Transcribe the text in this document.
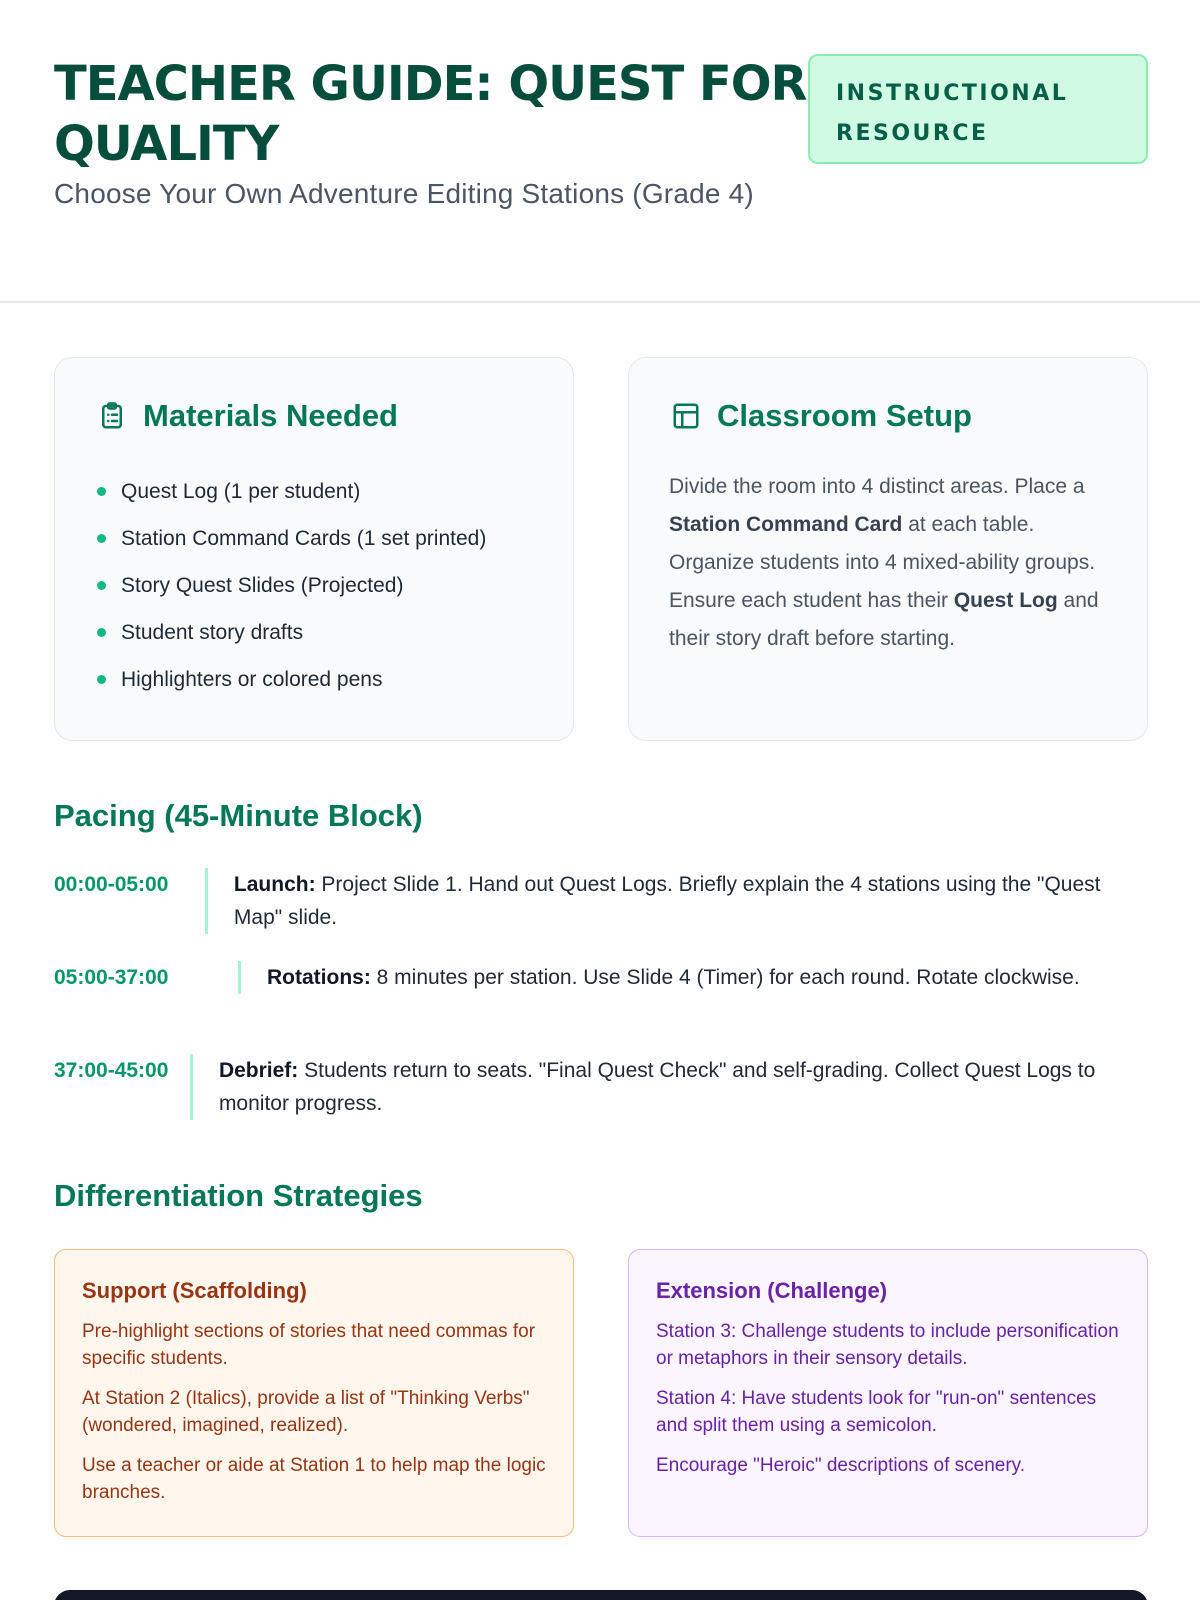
TEACHER GUIDE: QUEST FOR QUALITY
INSTRUCTIONAL RESOURCE
Choose Your Own Adventure Editing Stations (Grade 4)
Materials Needed
Quest Log (1 per student)
Station Command Cards (1 set printed)
Story Quest Slides (Projected)
Student story drafts
Highlighters or colored pens
Classroom Setup

Divide the room into 4 distinct areas. Place a Station Command Card at each table. Organize students into 4 mixed-ability groups. Ensure each student has their Quest Log and their story draft before starting.

Pacing (45-Minute Block)
00:00-05:00	Launch: Project Slide 1. Hand out Quest Logs. Briefly explain the 4 stations using the "Quest Map" slide.
05:00-37:00	Rotations: 8 minutes per station. Use Slide 4 (Timer) for each round. Rotate clockwise.
37:00-45:00	Debrief: Students return to seats. "Final Quest Check" and self-grading. Collect Quest Logs to monitor progress.
Differentiation Strategies
Support (Scaffolding)

Pre-highlight sections of stories that need commas for specific students.

At Station 2 (Italics), provide a list of "Thinking Verbs" (wondered, imagined, realized).

Use a teacher or aide at Station 1 to help map the logic branches.

Extension (Challenge)

Station 3: Challenge students to include personification or metaphors in their sensory details.

Station 4: Have students look for "run-on" sentences and split them using a semicolon.

Encourage "Heroic" descriptions of scenery.
